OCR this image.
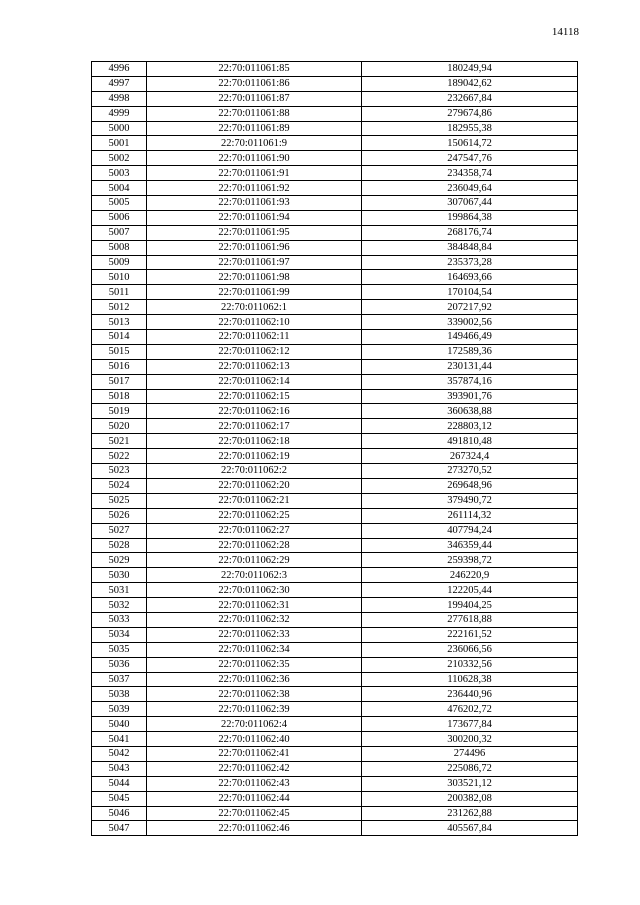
14118
4996	22:70:011061:85	180249,94
4997	22:70:011061:86	189042,62
4998	22:70:011061:87	232667,84
4999	22:70:011061:88	279674,86
5000	22:70:011061:89	182955,38
5001	22:70:011061:9	150614,72
5002	22:70:011061:90	247547,76
5003	22:70:011061:91	234358,74
5004	22:70:011061:92	236049,64
5005	22:70:011061:93	307067,44
5006	22:70:011061:94	199864,38
5007	22:70:011061:95	268176,74
5008	22:70:011061:96	384848,84
5009	22:70:011061:97	235373,28
5010	22:70:011061:98	164693,66
5011	22:70:011061:99	170104,54
5012	22:70:011062:1	207217,92
5013	22:70:011062:10	339002,56
5014	22:70:011062:11	149466,49
5015	22:70:011062:12	172589,36
5016	22:70:011062:13	230131,44
5017	22:70:011062:14	357874,16
5018	22:70:011062:15	393901,76
5019	22:70:011062:16	360638,88
5020	22:70:011062:17	228803,12
5021	22:70:011062:18	491810,48
5022	22:70:011062:19	267324,4
5023	22:70:011062:2	273270,52
5024	22:70:011062:20	269648,96
5025	22:70:011062:21	379490,72
5026	22:70:011062:25	261114,32
5027	22:70:011062:27	407794,24
5028	22:70:011062:28	346359,44
5029	22:70:011062:29	259398,72
5030	22:70:011062:3	246220,9
5031	22:70:011062:30	122205,44
5032	22:70:011062:31	199404,25
5033	22:70:011062:32	277618,88
5034	22:70:011062:33	222161,52
5035	22:70:011062:34	236066,56
5036	22:70:011062:35	210332,56
5037	22:70:011062:36	110628,38
5038	22:70:011062:38	236440,96
5039	22:70:011062:39	476202,72
5040	22:70:011062:4	173677,84
5041	22:70:011062:40	300200,32
5042	22:70:011062:41	274496
5043	22:70:011062:42	225086,72
5044	22:70:011062:43	303521,12
5045	22:70:011062:44	200382,08
5046	22:70:011062:45	231262,88
5047	22:70:011062:46	405567,84
